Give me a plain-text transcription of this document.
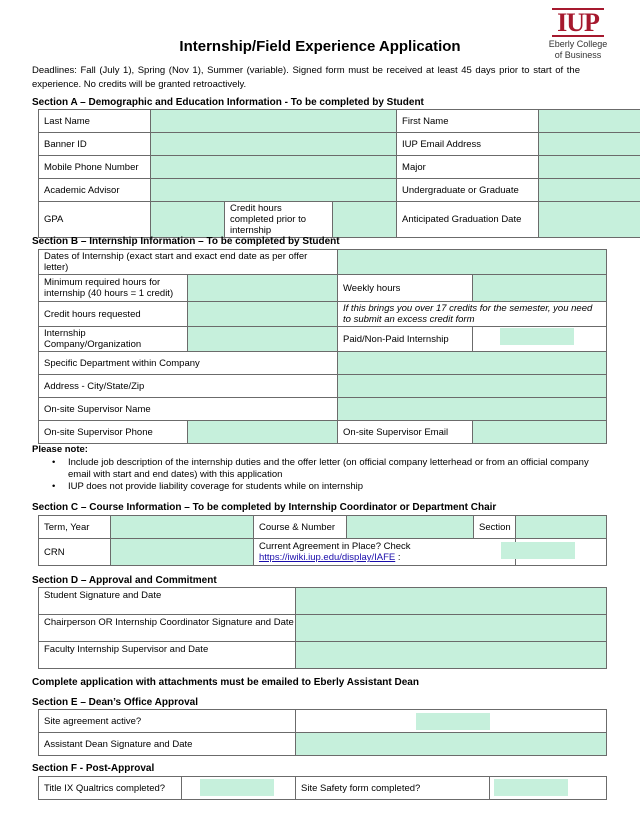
IUP
Eberly College
of Business
Internship/Field Experience Application
Deadlines: Fall (July 1), Spring (Nov 1), Summer (variable). Signed form must be received at least 45 days prior to start of the experience. No credits will be granted retroactively.
Section A – Demographic and Education Information - To be completed by Student
Last Name				First Name	
Banner ID				IUP Email Address	
Mobile Phone Number				Major	
Academic Advisor				Undergraduate or Graduate	
GPA		Credit hours completed prior to internship		Anticipated Graduation Date	
Section B – Internship Information – To be completed by Student
Dates of Internship (exact start and exact end date as per offer letter)			
Minimum required hours for internship (40 hours = 1 credit)		Weekly hours	
Credit hours requested		If this brings you over 17 credits for the semester, you need to submit an excess credit form	
Internship Company/Organization		Paid/Non-Paid Internship	
Specific Department within Company			
Address - City/State/Zip			
On-site Supervisor Name			
On-site Supervisor Phone		On-site Supervisor Email	
Please note:
• Include job description of the internship duties and the offer letter (on official company letterhead or from an official company email with start and end dates) with this application
• IUP does not provide liability coverage for students while on internship
Section C – Course Information – To be completed by Internship Coordinator or Department Chair
Term, Year		Course & Number		Section	
CRN		Current Agreement in Place? Check
https://iwiki.iup.edu/display/IAFE :			
Section D – Approval and Commitment
Student Signature and Date	
Chairperson OR Internship Coordinator Signature and Date	
Faculty Internship Supervisor and Date	
Complete application with attachments must be emailed to Eberly Assistant Dean
Section E – Dean’s Office Approval
Site agreement active?	
Assistant Dean Signature and Date	
Section F - Post-Approval
Title IX Qualtrics completed?		Site Safety form completed?	
